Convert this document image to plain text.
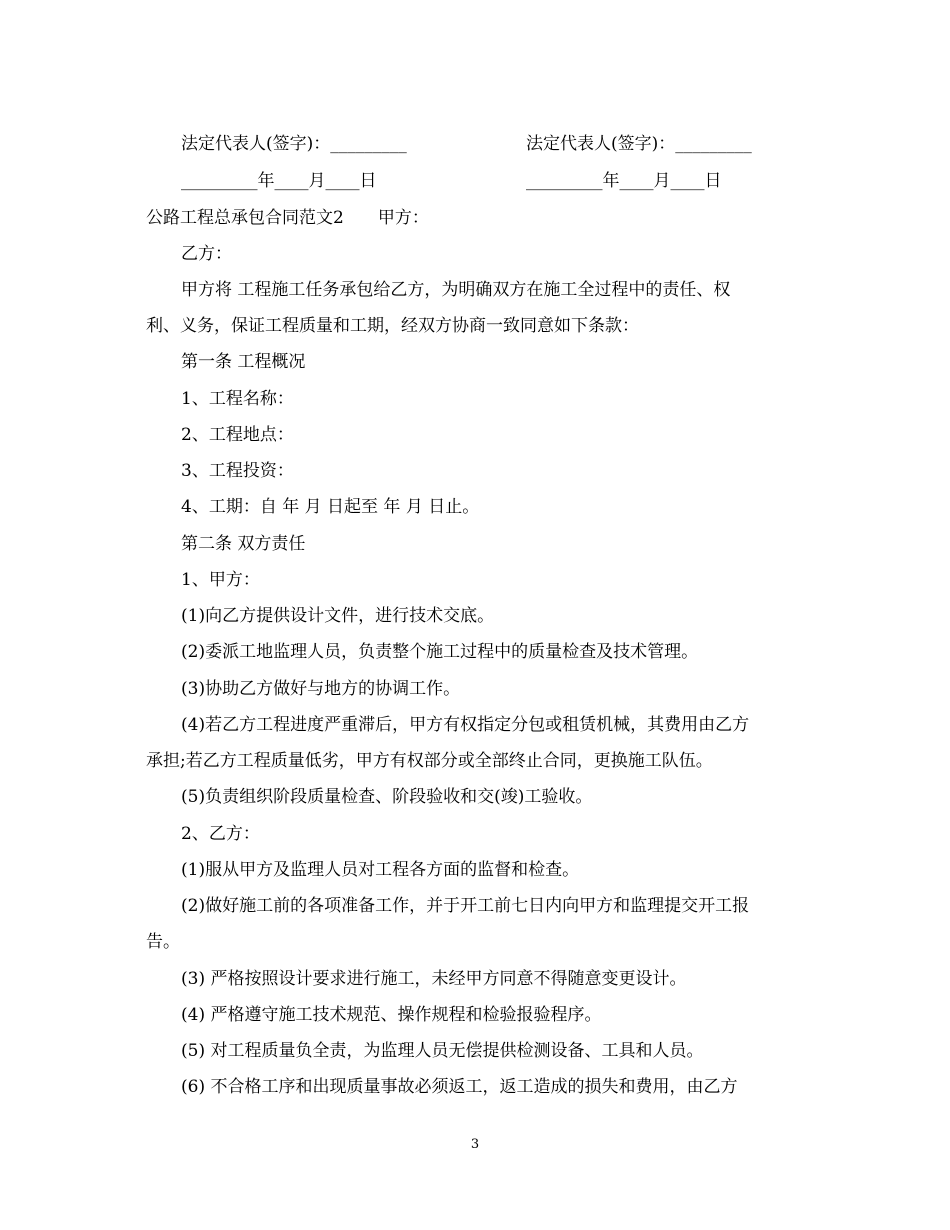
法定代表人(签字)：_________	法定代表人(签字)：_________
_________年____月____日	_________年____月____日
公路工程总承包合同范文2 甲方：
乙方：
甲方将 工程施工任务承包给乙方，为明确双方在施工全过程中的责任、权
利、义务，保证工程质量和工期，经双方协商一致同意如下条款：
第一条 工程概况
1、工程名称：
2、工程地点：
3、工程投资：
4、工期：自 年 月 日起至 年 月 日止。
第二条 双方责任
1、甲方：
(1)向乙方提供设计文件，进行技术交底。
(2)委派工地监理人员，负责整个施工过程中的质量检查及技术管理。
(3)协助乙方做好与地方的协调工作。
(4)若乙方工程进度严重滞后，甲方有权指定分包或租赁机械，其费用由乙方
承担;若乙方工程质量低劣，甲方有权部分或全部终止合同，更换施工队伍。
(5)负责组织阶段质量检查、阶段验收和交(竣)工验收。
2、乙方：
(1)服从甲方及监理人员对工程各方面的监督和检查。
(2)做好施工前的各项准备工作，并于开工前七日内向甲方和监理提交开工报
告。
(3) 严格按照设计要求进行施工，未经甲方同意不得随意变更设计。
(4) 严格遵守施工技术规范、操作规程和检验报验程序。
(5) 对工程质量负全责，为监理人员无偿提供检测设备、工具和人员。
(6) 不合格工序和出现质量事故必须返工，返工造成的损失和费用，由乙方
3
